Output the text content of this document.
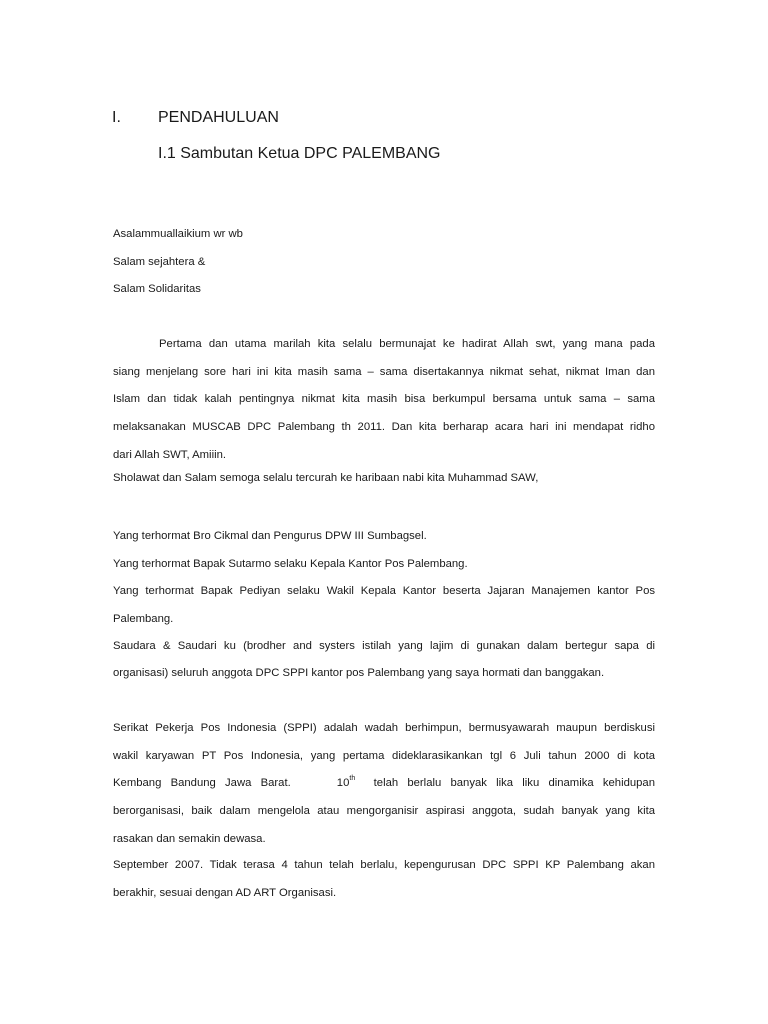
I. PENDAHULUAN
I.1 Sambutan Ketua DPC PALEMBANG
Asalammuallaikium wr wb
Salam sejahtera &
Salam Solidaritas
Pertama dan utama marilah kita selalu bermunajat ke hadirat Allah swt, yang mana pada
siang menjelang sore hari ini kita masih sama – sama disertakannya nikmat sehat, nikmat Iman dan
Islam dan tidak kalah pentingnya nikmat kita masih bisa berkumpul bersama untuk sama – sama
melaksanakan MUSCAB DPC Palembang th 2011. Dan kita berharap acara hari ini mendapat ridho
dari Allah SWT, Amiiin.
Sholawat dan Salam semoga selalu tercurah ke haribaan nabi kita Muhammad SAW,
Yang terhormat Bro Cikmal dan Pengurus DPW III Sumbagsel.
Yang terhormat Bapak Sutarmo selaku Kepala Kantor Pos Palembang.
Yang terhormat Bapak Pediyan selaku Wakil Kepala Kantor beserta Jajaran Manajemen kantor Pos
Palembang.
Saudara & Saudari ku (brodher and systers istilah yang lajim di gunakan dalam bertegur sapa di
organisasi) seluruh anggota DPC SPPI kantor pos Palembang yang saya hormati dan banggakan.
Serikat Pekerja Pos Indonesia (SPPI) adalah wadah berhimpun, bermusyawarah maupun berdiskusi
wakil karyawan PT Pos Indonesia, yang pertama dideklarasikankan tgl 6 Juli tahun 2000 di kota
Kembang Bandung Jawa Barat.     10th  telah berlalu banyak lika liku dinamika kehidupan
berorganisasi, baik dalam mengelola atau mengorganisir aspirasi anggota, sudah banyak yang kita
rasakan dan semakin dewasa.
September 2007. Tidak terasa 4 tahun telah berlalu, kepengurusan DPC SPPI KP Palembang akan
berakhir, sesuai dengan AD ART Organisasi.
